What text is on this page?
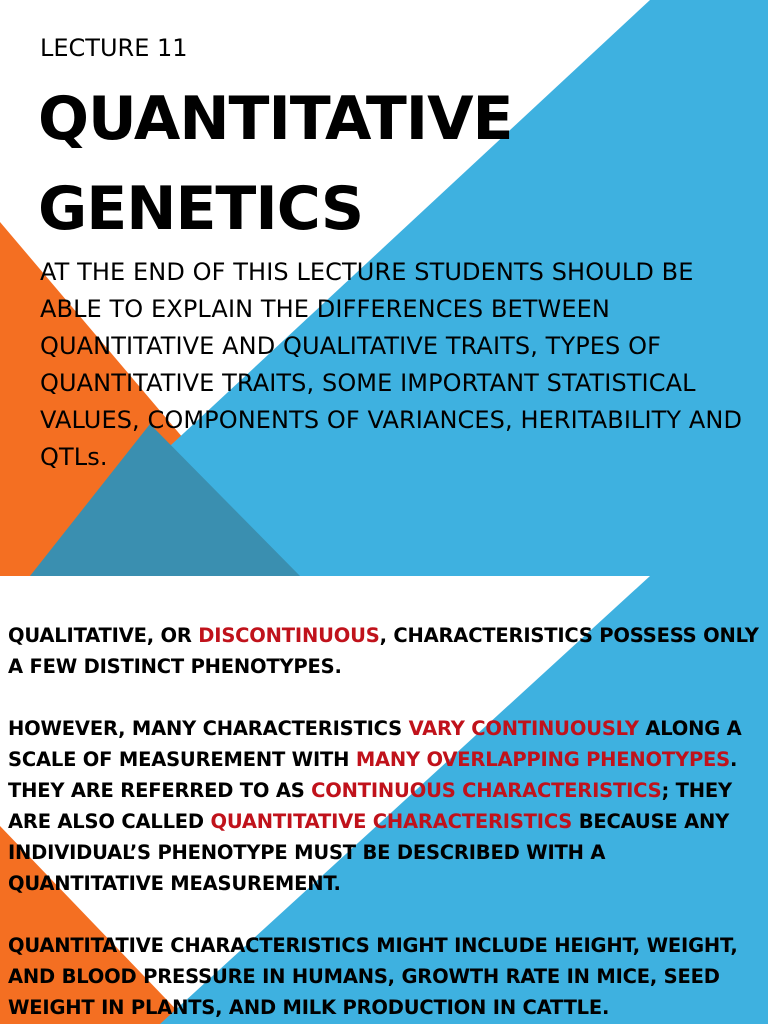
LECTURE 11
QUANTITATIVE
GENETICS
AT THE END OF THIS LECTURE STUDENTS SHOULD BE ABLE TO EXPLAIN THE DIFFERENCES BETWEEN QUANTITATIVE AND QUALITATIVE TRAITS, TYPES OF QUANTITATIVE TRAITS, SOME IMPORTANT STATISTICAL VALUES, COMPONENTS OF VARIANCES, HERITABILITY AND QTLs.

QUALITATIVE, OR DISCONTINUOUS, CHARACTERISTICS POSSESS ONLY A FEW DISTINCT PHENOTYPES.

HOWEVER, MANY CHARACTERISTICS VARY CONTINUOUSLY ALONG A SCALE OF MEASUREMENT WITH MANY OVERLAPPING PHENOTYPES.

THEY ARE REFERRED TO AS CONTINUOUS CHARACTERISTICS; THEY ARE ALSO CALLED QUANTITATIVE CHARACTERISTICS BECAUSE ANY INDIVIDUAL’S PHENOTYPE MUST BE DESCRIBED WITH A QUANTITATIVE MEASUREMENT.

QUANTITATIVE CHARACTERISTICS MIGHT INCLUDE HEIGHT, WEIGHT, AND BLOOD PRESSURE IN HUMANS, GROWTH RATE IN MICE, SEED WEIGHT IN PLANTS, AND MILK PRODUCTION IN CATTLE.
